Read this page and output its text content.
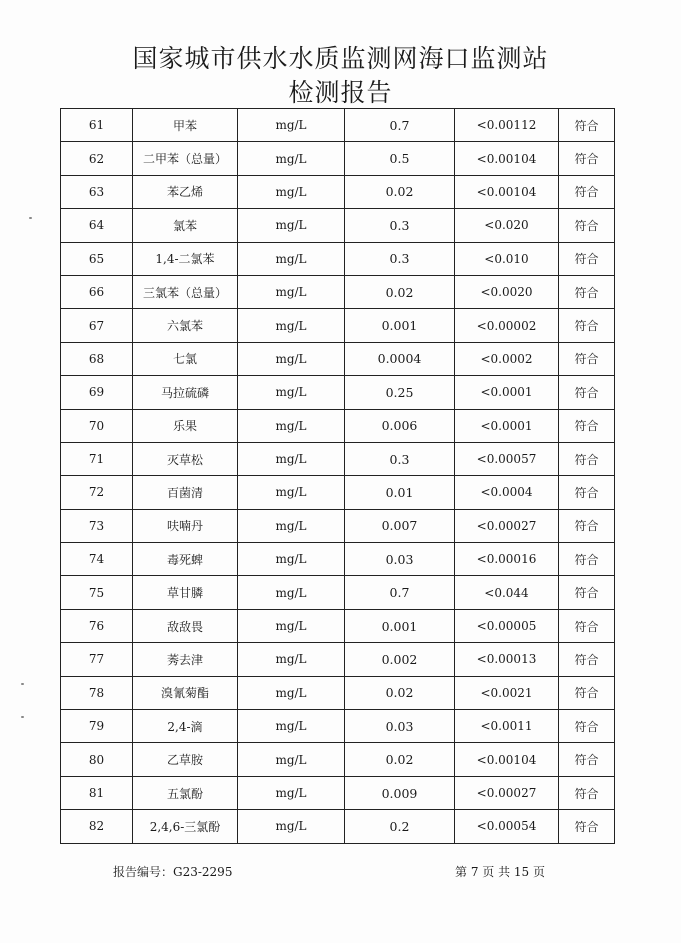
国家城市供水水质监测网海口监测站
检测报告
61	甲苯	mg/L	0.7	<0.00112	符合
62	二甲苯（总量）	mg/L	0.5	<0.00104	符合
63	苯乙烯	mg/L	0.02	<0.00104	符合
64	氯苯	mg/L	0.3	<0.020	符合
65	1,4-二氯苯	mg/L	0.3	<0.010	符合
66	三氯苯（总量）	mg/L	0.02	<0.0020	符合
67	六氯苯	mg/L	0.001	<0.00002	符合
68	七氯	mg/L	0.0004	<0.0002	符合
69	马拉硫磷	mg/L	0.25	<0.0001	符合
70	乐果	mg/L	0.006	<0.0001	符合
71	灭草松	mg/L	0.3	<0.00057	符合
72	百菌清	mg/L	0.01	<0.0004	符合
73	呋喃丹	mg/L	0.007	<0.00027	符合
74	毒死蜱	mg/L	0.03	<0.00016	符合
75	草甘膦	mg/L	0.7	<0.044	符合
76	敌敌畏	mg/L	0.001	<0.00005	符合
77	莠去津	mg/L	0.002	<0.00013	符合
78	溴氰菊酯	mg/L	0.02	<0.0021	符合
79	2,4-滴	mg/L	0.03	<0.0011	符合
80	乙草胺	mg/L	0.02	<0.00104	符合
81	五氯酚	mg/L	0.009	<0.00027	符合
82	2,4,6-三氯酚	mg/L	0.2	<0.00054	符合
报告编号：G23-2295	第 7 页 共 15 页
